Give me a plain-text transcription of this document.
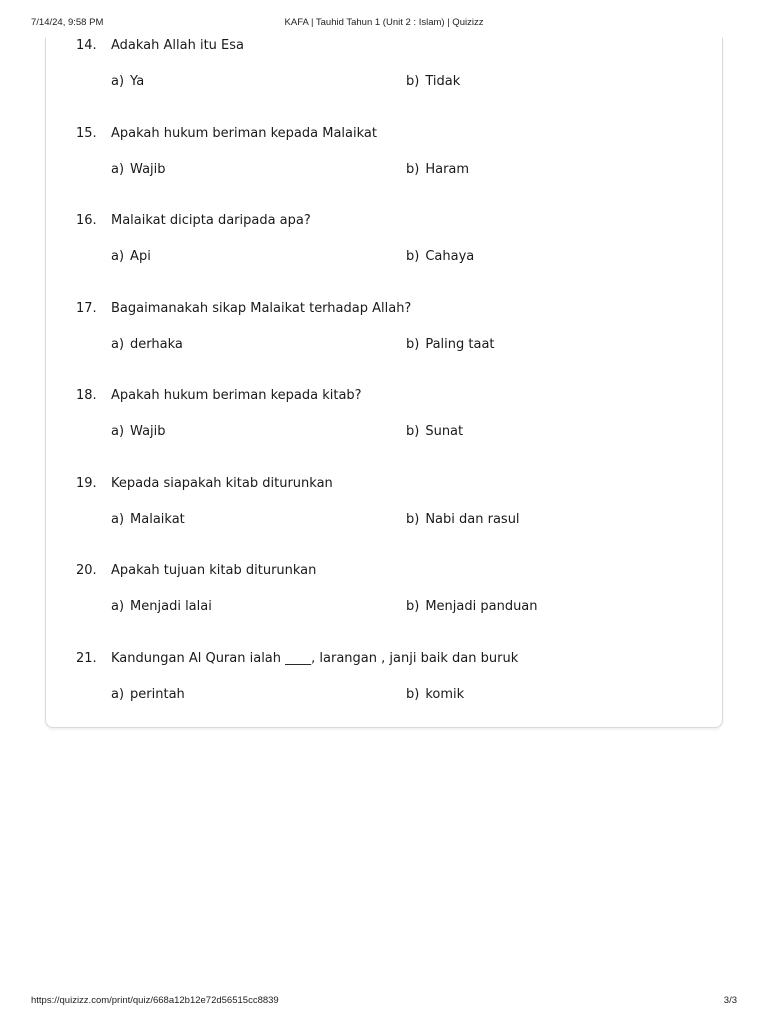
7/14/24, 9:58 PM	KAFA | Tauhid Tahun 1 (Unit 2 : Islam) | Quizizz
14. Adakah Allah itu Esa
a) Ya	b) Tidak
15. Apakah hukum beriman kepada Malaikat
a) Wajib	b) Haram
16. Malaikat dicipta daripada apa?
a) Api	b) Cahaya
17. Bagaimanakah sikap Malaikat terhadap Allah?
a) derhaka	b) Paling taat
18. Apakah hukum beriman kepada kitab?
a) Wajib	b) Sunat
19. Kepada siapakah kitab diturunkan
a) Malaikat	b) Nabi dan rasul
20. Apakah tujuan kitab diturunkan
a) Menjadi lalai	b) Menjadi panduan
21. Kandungan Al Quran ialah ____, larangan , janji baik dan buruk
a) perintah	b) komik
https://quizizz.com/print/quiz/668a12b12e72d56515cc8839	3/3
